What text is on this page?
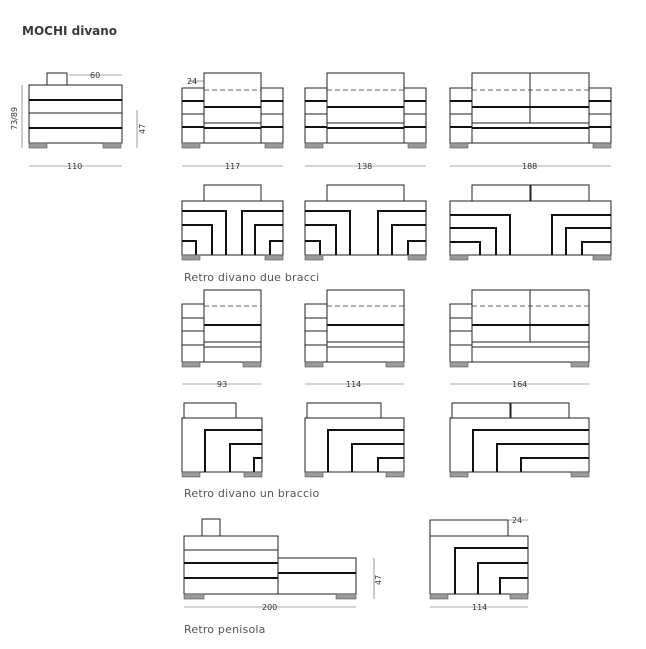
MOCHI divano
60
73/89	47
110
24
117	138	188
93	114	164
200
47
24
114
Retro divano due bracci
Retro divano un braccio
Retro penisola
